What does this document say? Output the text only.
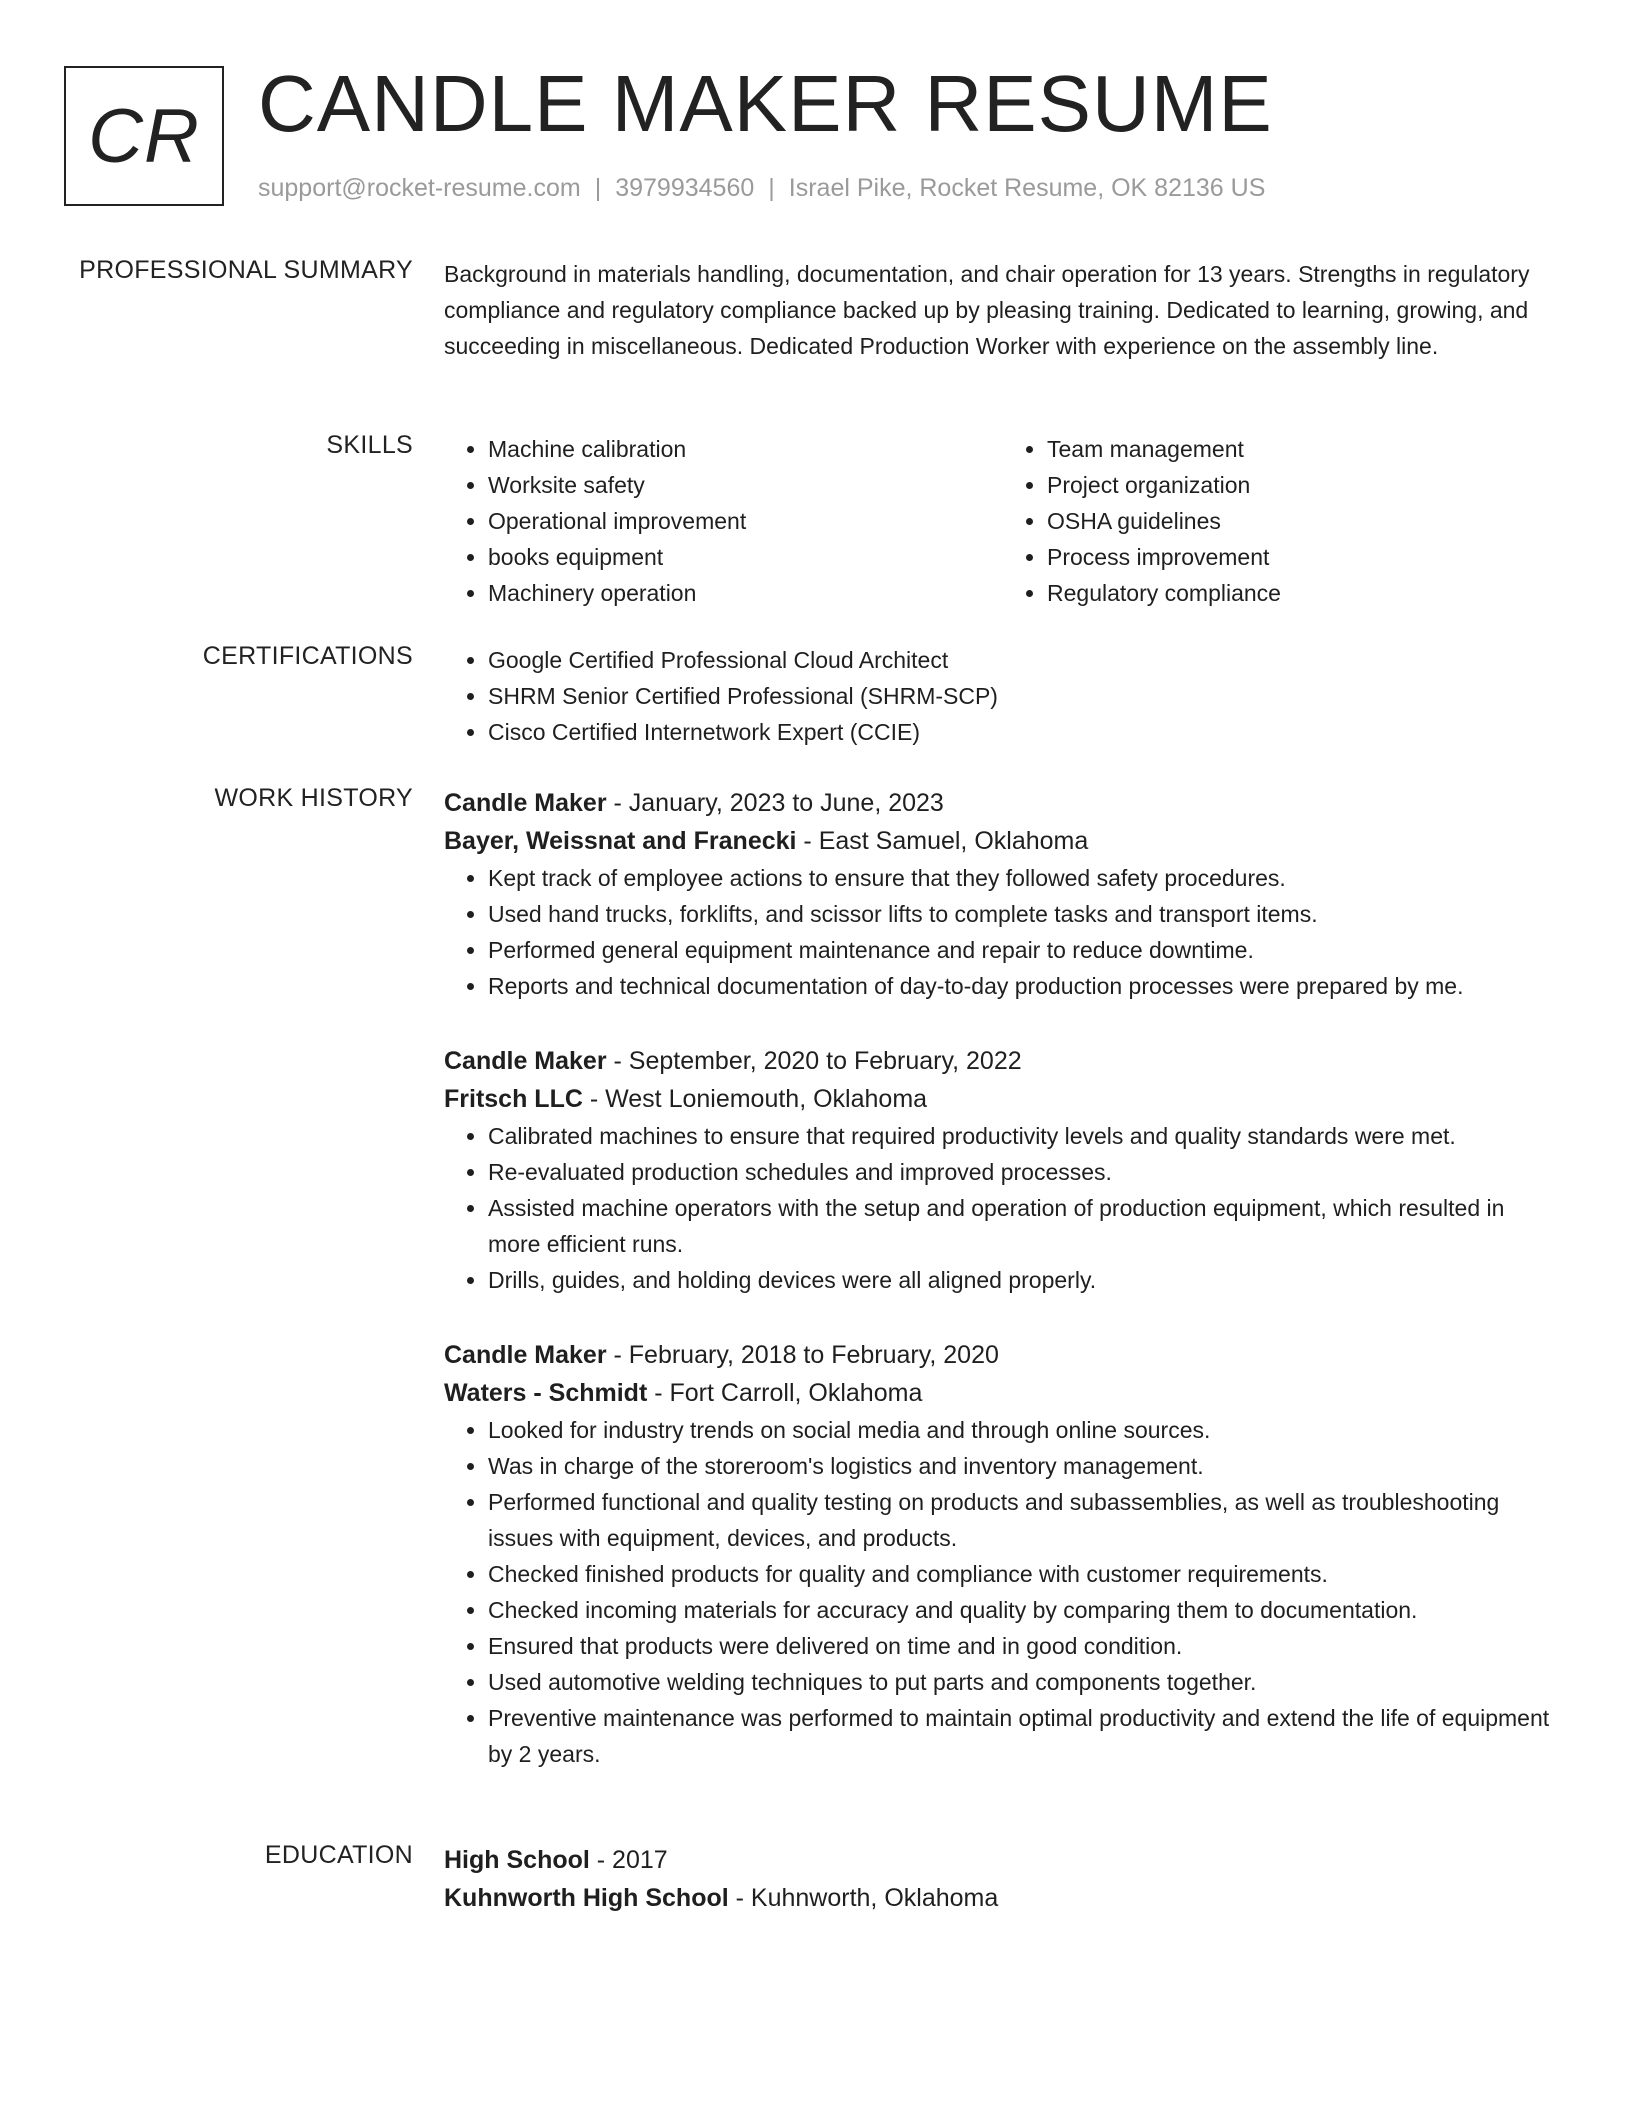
CR CANDLE MAKER RESUME
support@rocket-resume.com | 3979934560 | Israel Pike, Rocket Resume, OK 82136 US
PROFESSIONAL SUMMARY Background in materials handling, documentation, and chair operation for 13 years. Strengths in regulatory compliance and regulatory compliance backed up by pleasing training. Dedicated to learning, growing, and succeeding in miscellaneous. Dedicated Production Worker with experience on the assembly line.

SKILLS	• Machine calibration
• Worksite safety
• Operational improvement
• books equipment
• Machinery operation
• Team management
• Project organization
• OSHA guidelines
• Process improvement
• Regulatory compliance
CERTIFICATIONS	• Google Certified Professional Cloud Architect
• SHRM Senior Certified Professional (SHRM-SCP)
• Cisco Certified Internetwork Expert (CCIE)
WORK HISTORY Candle Maker - January, 2023 to June, 2023
Bayer, Weissnat and Franecki - East Samuel, Oklahoma
• Kept track of employee actions to ensure that they followed safety procedures.
• Used hand trucks, forklifts, and scissor lifts to complete tasks and transport items.
• Performed general equipment maintenance and repair to reduce downtime.
• Reports and technical documentation of day-to-day production processes were prepared by me.
Candle Maker - September, 2020 to February, 2022
Fritsch LLC - West Loniemouth, Oklahoma
• Calibrated machines to ensure that required productivity levels and quality standards were met.
• Re-evaluated production schedules and improved processes.
• Assisted machine operators with the setup and operation of production equipment, which resulted in more efficient runs.
• Drills, guides, and holding devices were all aligned properly.
Candle Maker - February, 2018 to February, 2020
Waters - Schmidt - Fort Carroll, Oklahoma
• Looked for industry trends on social media and through online sources.
• Was in charge of the storeroom's logistics and inventory management.
• Performed functional and quality testing on products and subassemblies, as well as troubleshooting issues with equipment, devices, and products.
• Checked finished products for quality and compliance with customer requirements.
• Checked incoming materials for accuracy and quality by comparing them to documentation.
• Ensured that products were delivered on time and in good condition.
• Used automotive welding techniques to put parts and components together.
• Preventive maintenance was performed to maintain optimal productivity and extend the life of equipment by 2 years.
EDUCATION High School - 2017
Kuhnworth High School - Kuhnworth, Oklahoma
